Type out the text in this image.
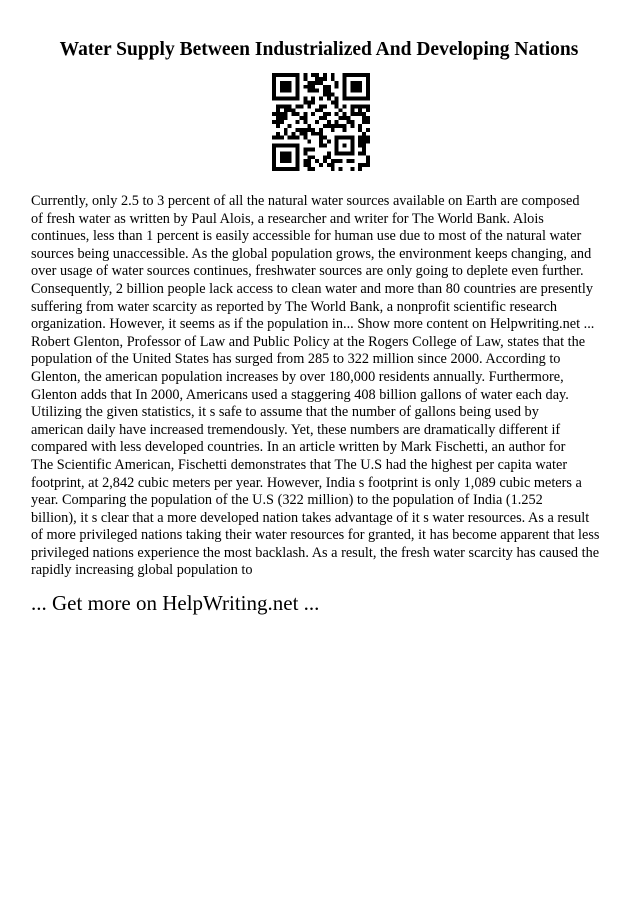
Water Supply Between Industrialized And Developing Nations
Currently, only 2.5 to 3 percent of all the natural water sources available on Earth are composed
of fresh water as written by Paul Alois, a researcher and writer for The World Bank. Alois
continues, less than 1 percent is easily accessible for human use due to most of the natural water
sources being unaccessible. As the global population grows, the environment keeps changing, and
over usage of water sources continues, freshwater sources are only going to deplete even further.
Consequently, 2 billion people lack access to clean water and more than 80 countries are presently
suffering from water scarcity as reported by The World Bank, a nonprofit scientific research
organization. However, it seems as if the population in... Show more content on Helpwriting.net ...
Robert Glenton, Professor of Law and Public Policy at the Rogers College of Law, states that the
population of the United States has surged from 285 to 322 million since 2000. According to
Glenton, the american population increases by over 180,000 residents annually. Furthermore,
Glenton adds that In 2000, Americans used a staggering 408 billion gallons of water each day.
Utilizing the given statistics, it s safe to assume that the number of gallons being used by
american daily have increased tremendously. Yet, these numbers are dramatically different if
compared with less developed countries. In an article written by Mark Fischetti, an author for
The Scientific American, Fischetti demonstrates that The U.S had the highest per capita water
footprint, at 2,842 cubic meters per year. However, India s footprint is only 1,089 cubic meters a
year. Comparing the population of the U.S (322 million) to the population of India (1.252
billion), it s clear that a more developed nation takes advantage of it s water resources. As a result
of more privileged nations taking their water resources for granted, it has become apparent that less
privileged nations experience the most backlash. As a result, the fresh water scarcity has caused the
rapidly increasing global population to

... Get more on HelpWriting.net ...
